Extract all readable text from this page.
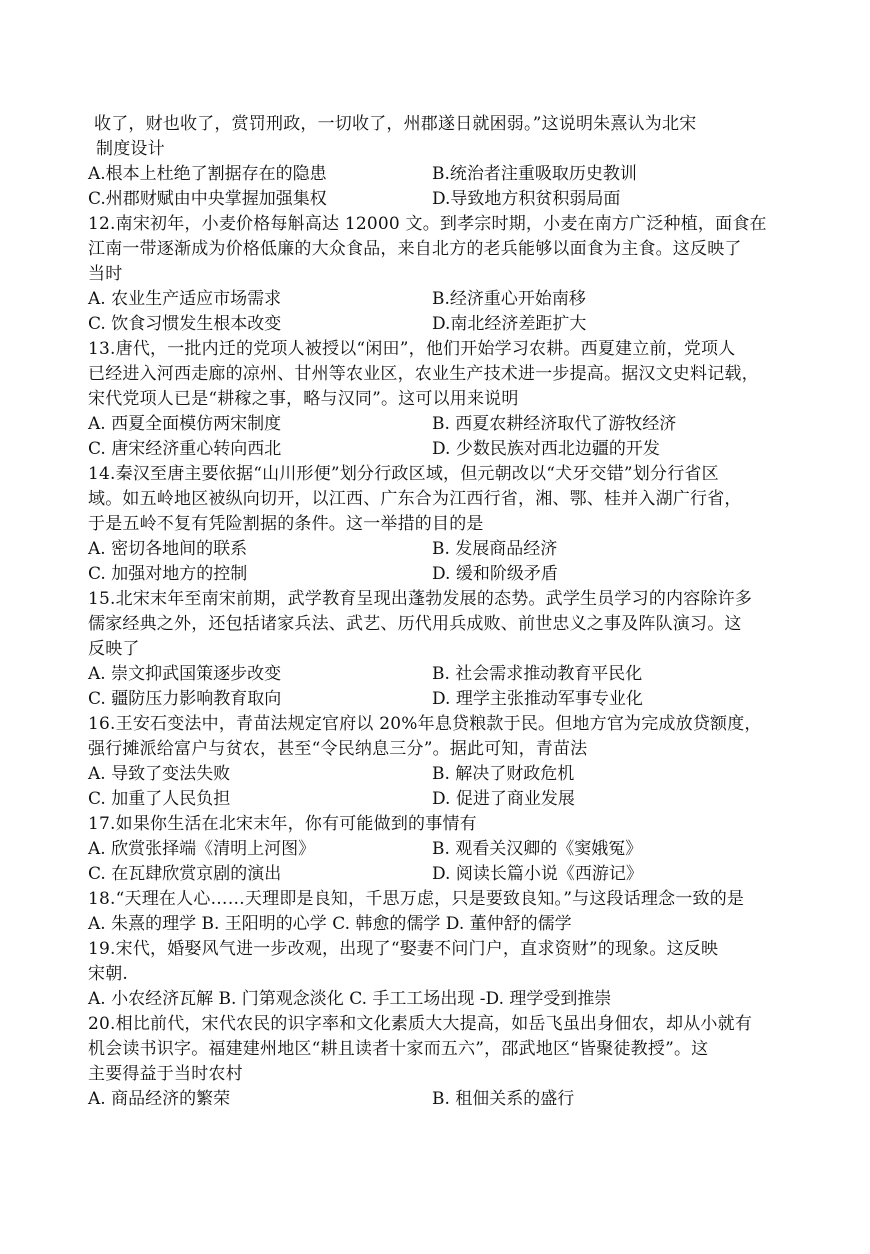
收了，财也收了，赏罚刑政，一切收了，州郡遂日就困弱。”这说明朱熹认为北宋
制度设计
A.根本上杜绝了割据存在的隐患	B.统治者注重吸取历史教训
C.州郡财赋由中央掌握加强集权	D.导致地方积贫积弱局面
12.南宋初年，小麦价格每斛高达 12000 文。到孝宗时期，小麦在南方广泛种植，面食在
江南一带逐渐成为价格低廉的大众食品，来自北方的老兵能够以面食为主食。这反映了
当时
A. 农业生产适应市场需求	B.经济重心开始南移
C. 饮食习惯发生根本改变	D.南北经济差距扩大
13.唐代，一批内迁的党项人被授以“闲田”，他们开始学习农耕。西夏建立前，党项人
已经进入河西走廊的凉州、甘州等农业区，农业生产技术进一步提高。据汉文史料记载，
宋代党项人已是“耕稼之事，略与汉同”。这可以用来说明
A. 西夏全面模仿两宋制度	B. 西夏农耕经济取代了游牧经济
C. 唐宋经济重心转向西北	D. 少数民族对西北边疆的开发
14.秦汉至唐主要依据“山川形便”划分行政区域，但元朝改以“犬牙交错”划分行省区
域。如五岭地区被纵向切开，以江西、广东合为江西行省，湘、鄂、桂并入湖广行省，
于是五岭不复有凭险割据的条件。这一举措的目的是
A. 密切各地间的联系	B. 发展商品经济
C. 加强对地方的控制	D. 缓和阶级矛盾
15.北宋末年至南宋前期，武学教育呈现出蓬勃发展的态势。武学生员学习的内容除许多
儒家经典之外，还包括诸家兵法、武艺、历代用兵成败、前世忠义之事及阵队演习。这
反映了
A. 崇文抑武国策逐步改变	B. 社会需求推动教育平民化
C. 疆防压力影响教育取向	D. 理学主张推动军事专业化
16.王安石变法中，青苗法规定官府以 20%年息贷粮款于民。但地方官为完成放贷额度，
强行摊派给富户与贫农，甚至“令民纳息三分”。据此可知，青苗法
A. 导致了变法失败	B. 解决了财政危机
C. 加重了人民负担	D. 促进了商业发展
17.如果你生活在北宋末年，你有可能做到的事情有
A. 欣赏张择端《清明上河图》	B. 观看关汉卿的《窦娥冤》
C. 在瓦肆欣赏京剧的演出	D. 阅读长篇小说《西游记》
18.“天理在人心……天理即是良知，千思万虑，只是要致良知。”与这段话理念一致的是
A. 朱熹的理学 B. 王阳明的心学 C. 韩愈的儒学 D. 董仲舒的儒学
19.宋代，婚娶风气进一步改观，出现了“娶妻不问门户，直求资财”的现象。这反映
宋朝.
A. 小农经济瓦解 B. 门第观念淡化 C. 手工工场出现 -D. 理学受到推崇
20.相比前代，宋代农民的识字率和文化素质大大提高，如岳飞虽出身佃农，却从小就有
机会读书识字。福建建州地区“耕且读者十家而五六”，邵武地区“皆聚徒教授”。这
主要得益于当时农村
A. 商品经济的繁荣	B. 租佃关系的盛行
